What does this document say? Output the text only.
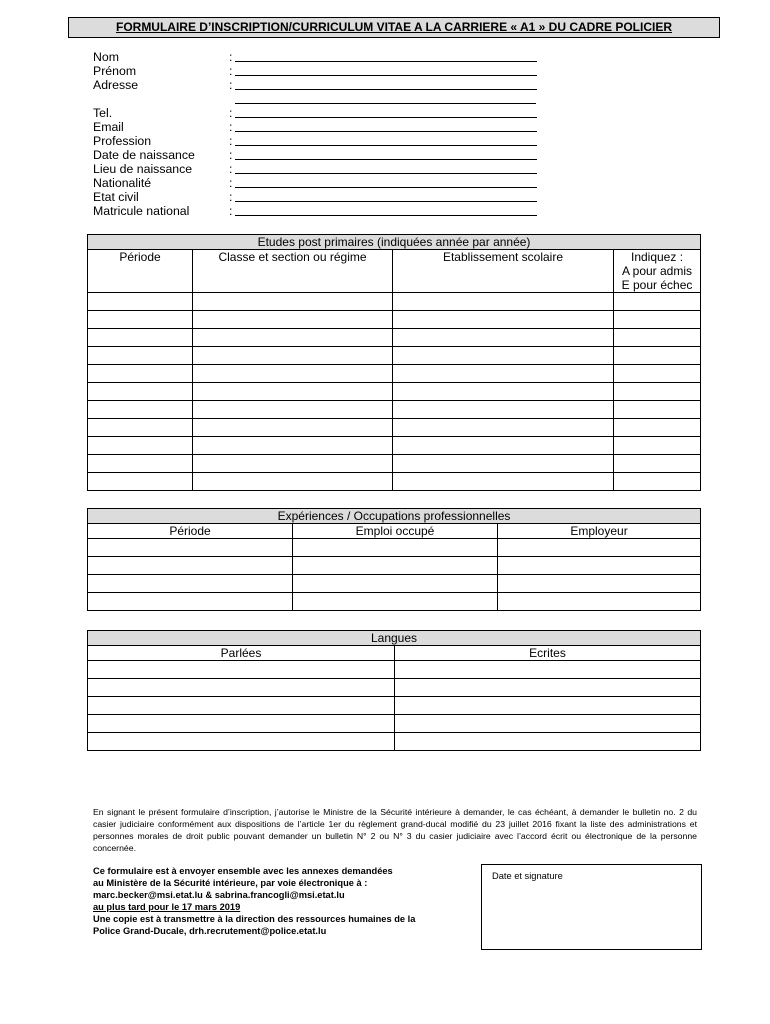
FORMULAIRE D’INSCRIPTION/CURRICULUM VITAE A LA CARRIERE « A1 » DU CADRE POLICIER
Nom	:
Prénom	:
Adresse	:
Tel.	:
Email	:
Profession	:
Date de naissance	:
Lieu de naissance	:
Nationalité	:
Etat civil	:
Matricule national	:
Etudes post primaires (indiquées année par année)			
Période	Classe et section ou régime	Etablissement scolaire	Indiquez :
A pour admis
E pour échec

Expériences / Occupations professionnelles		
Période	Emploi occupé	Employeur

Langues	
Parlées	Ecrites

En signant le présent formulaire d’inscription, j’autorise le Ministre de la Sécurité intérieure à demander, le cas échéant, à demander le bulletin no. 2 du casier judiciaire conformément aux dispositions de l’article 1er du règlement grand-ducal modifié du 23 juillet 2016 fixant la liste des administrations et personnes morales de droit public pouvant demander un bulletin N° 2 ou N° 3 du casier judiciaire avec l’accord écrit ou électronique de la personne concernée.
Ce formulaire est à envoyer ensemble avec les annexes demandées
au Ministère de la Sécurité intérieure, par voie électronique à :
marc.becker@msi.etat.lu & sabrina.francogli@msi.etat.lu
au plus tard pour le 17 mars 2019
Une copie est à transmettre à la direction des ressources humaines de la
Police Grand-Ducale, drh.recrutement@police.etat.lu
Date et signature
